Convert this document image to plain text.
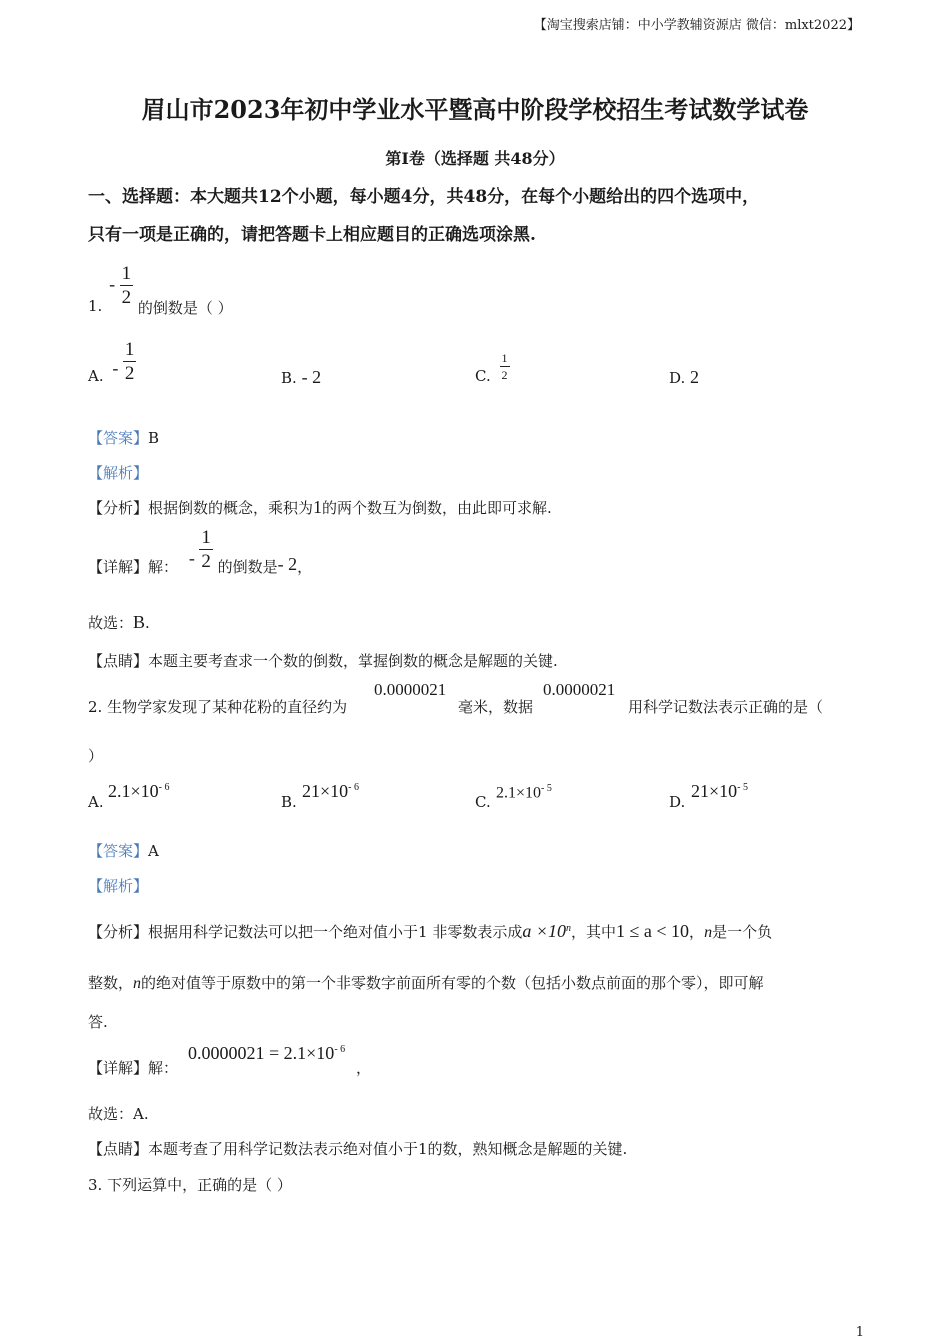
【淘宝搜索店铺：中小学教辅资源店 微信：mlxt2022】
眉山市2023年初中学业水平暨高中阶段学校招生考试数学试卷
第I卷（选择题 共48分）
一、选择题：本大题共12个小题，每小题4分，共48分，在每个小题给出的四个选项中，
只有一项是正确的，请把答题卡上相应题目的正确选项涂黑.
1. - $\frac{1}{2}$
的倒数是（ ）
A. - $\frac{1}{2}$	B. - 2	C. $\frac{1}{2}$	D. 2
【答案】B
【解析】
【分析】根据倒数的概念，乘积为1的两个数互为倒数，由此即可求解.
【详解】解： - $\frac{1}{2}$ 的倒数是- 2，
故选：B.
【点睛】本题主要考查求一个数的倒数，掌握倒数的概念是解题的关键.
2. 生物学家发现了某种花粉的直径约为
0.0000021
毫米，数据
0.0000021
用科学记数法表示正确的是（
）
A.
$2.1\times 10^{- 6}$
B.
$21\times 10^{- 6}$
C.
$2.1\times 10^{- 5}$
D.
$21\times 10^{- 5}$
【答案】A
【解析】
【分析】根据用科学记数法可以把一个绝对值小于1 非零数表示成$a \times 10^n$，其中1 ≤ a < 10，n是一个负
整数，n的绝对值等于原数中的第一个非零数字前面所有零的个数（包括小数点前面的那个零），即可解
答.
【详解】解：
$0.0000021 = 2.1\times 10^{- 6}$
，
故选：A.
【点睛】本题考查了用科学记数法表示绝对值小于1的数，熟知概念是解题的关键.
3. 下列运算中，正确的是（ ）
1
